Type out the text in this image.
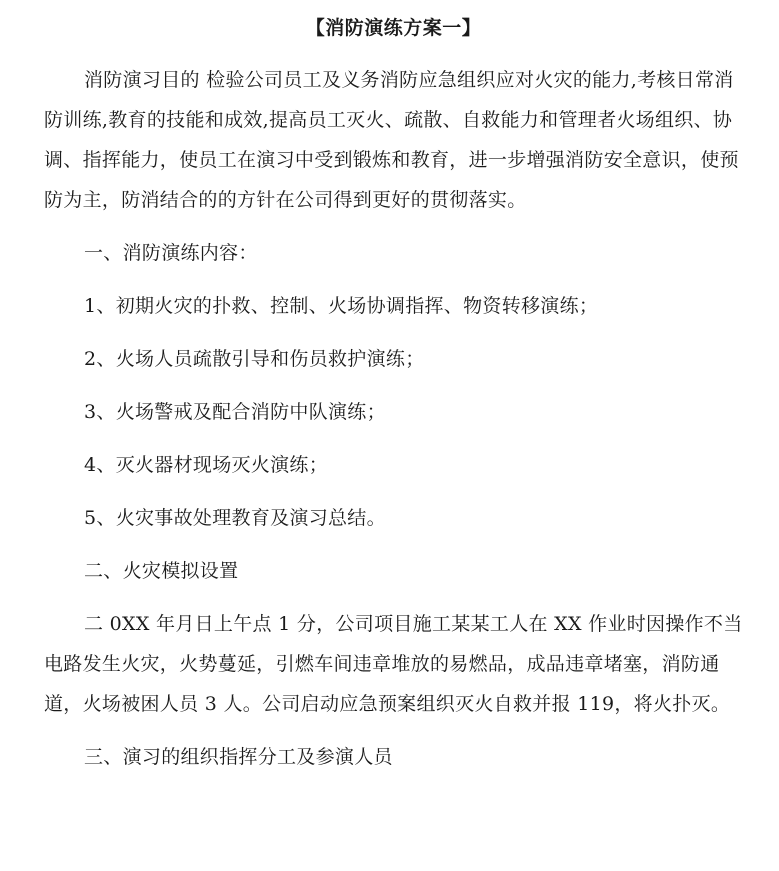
【消防演练方案一】

消防演习目的 检验公司员工及义务消防应急组织应对火灾的能力,考核日常消防训练,教育的技能和成效,提高员工灭火、疏散、自救能力和管理者火场组织、协调、指挥能力，使员工在演习中受到锻炼和教育，进一步增强消防安全意识，使预防为主，防消结合的的方针在公司得到更好的贯彻落实。

一、消防演练内容：

1、初期火灾的扑救、控制、火场协调指挥、物资转移演练；

2、火场人员疏散引导和伤员救护演练；

3、火场警戒及配合消防中队演练；

4、灭火器材现场灭火演练；

5、火灾事故处理教育及演习总结。

二、火灾模拟设置

二 0XX 年月日上午点 1 分，公司项目施工某某工人在 XX 作业时因操作不当电路发生火灾，火势蔓延，引燃车间违章堆放的易燃品，成品违章堵塞，消防通道，火场被困人员 3 人。公司启动应急预案组织灭火自救并报 119，将火扑灭。

三、演习的组织指挥分工及参演人员
